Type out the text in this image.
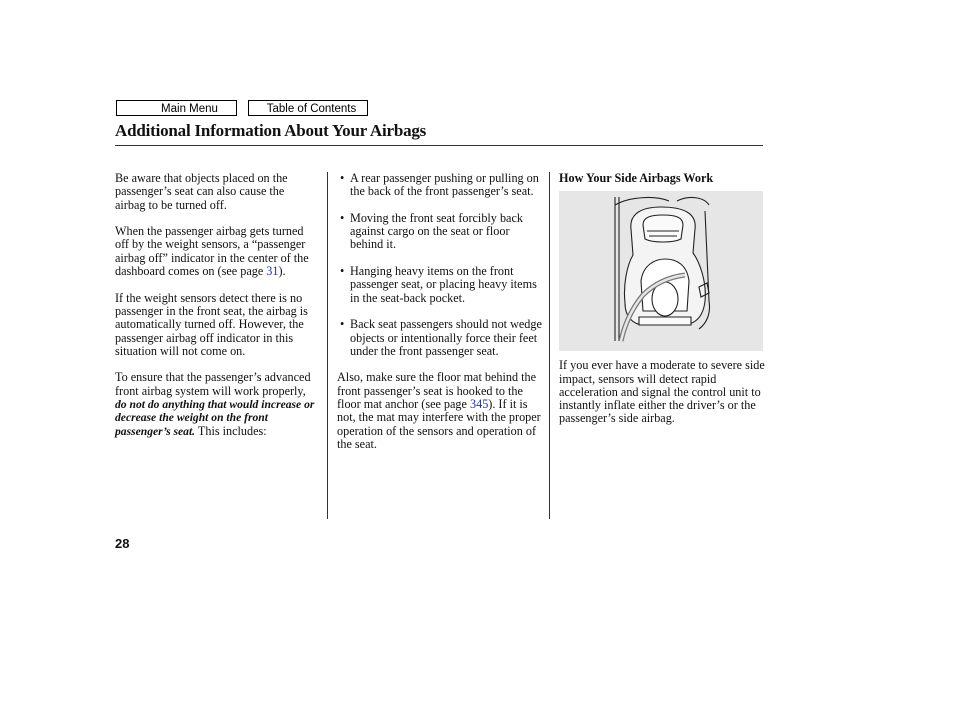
Main Menu	Table of Contents
Additional Information About Your Airbags

Be aware that objects placed on the passenger’s seat can also cause the airbag to be turned off.

When the passenger airbag gets turned off by the weight sensors, a “passenger airbag off” indicator in the center of the dashboard comes on (see page 31).

If the weight sensors detect there is no passenger in the front seat, the airbag is automatically turned off. However, the passenger airbag off indicator in this situation will not come on.

To ensure that the passenger’s advanced front airbag system will work properly, do not do anything that would increase or decrease the weight on the front passenger’s seat. This includes:

• A rear passenger pushing or pulling on the back of the front passenger’s seat.
• Moving the front seat forcibly back against cargo on the seat or floor behind it.
• Hanging heavy items on the front passenger seat, or placing heavy items in the seat-back pocket.
• Back seat passengers should not wedge objects or intentionally force their feet under the front passenger seat.

Also, make sure the floor mat behind the front passenger’s seat is hooked to the floor mat anchor (see page 345). If it is not, the mat may interfere with the proper operation of the sensors and operation of the seat.

How Your Side Airbags Work

If you ever have a moderate to severe side impact, sensors will detect rapid acceleration and signal the control unit to instantly inflate either the driver’s or the passenger’s side airbag.

28
